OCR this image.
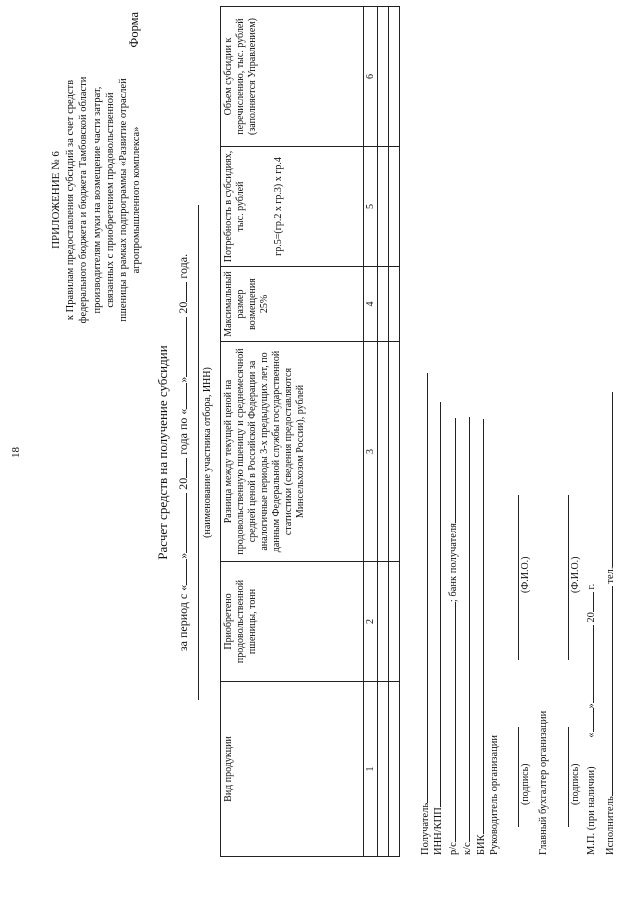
18
ПРИЛОЖЕНИЕ № 6 к Правилам предоставления субсидий за счет средств федерального бюджета и бюджета Тамбовской области производителям муки на возмещение части затрат, связанных с приобретением продовольственной пшеницы в рамках подпрограммы «Развитие отраслей агропромышленного комплекса»
Форма
Расчет средств на получение субсидии
за период с «» 20 года по «» 20 года.
(наименование участника отбора, ИНН)
Вид продукции	Приобретено продовольственной пшеницы, тонн	Разница между текущей ценой на продовольственную пшеницу и среднемесячной средней ценой в Российской Федерации за аналогичные периоды 3-х предыдущих лет, по данным Федеральной службы государственной статистики (сведения предоставляются Минсельхозом России), рублей	Максимальный размер возмещения 25%	Потребность в субсидиях, тыс. рублей гр.5=(гр.2 х гр.3) х гр.4	Объем субсидии к перечислению, тыс. рублей (заполняется Управлением)
1	2	3	4	5	6

Получатель ИНН/КПП р/с; банк получателя
к/с БИК Руководитель организации (подпись)
(Ф.И.О.)
Главный бухгалтер организации (подпись)
(Ф.И.О.)
М.П. (при наличии) «» 20 г.
Исполнитель тел.
